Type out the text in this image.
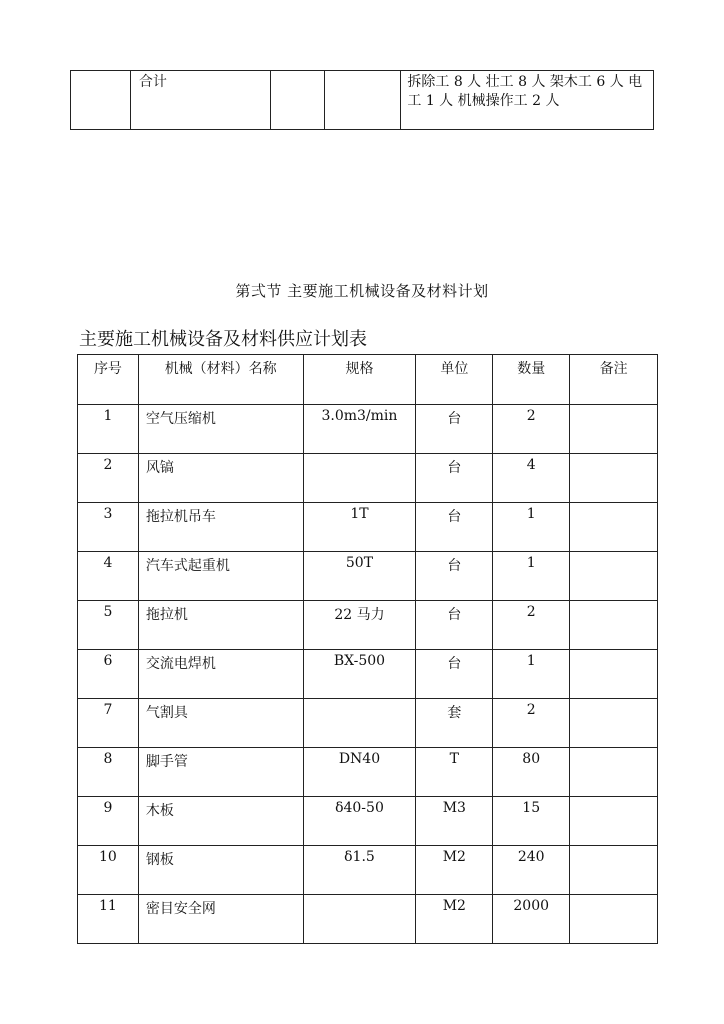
	合计			拆除工 8 人 壮工 8 人 架木工 6 人 电工 1 人 机械操作工 2 人
第弍节 主要施工机械设备及材料计划
主要施工机械设备及材料供应计划表
序号	机械（材料）名称	规格	单位	数量	备注
1	空气压缩机	3.0m3/min	台	2	
2	风镐		台	4	
3	拖拉机吊车	1T	台	1	
4	汽车式起重机	50T	台	1	
5	拖拉机	22 马力	台	2	
6	交流电焊机	BX-500	台	1	
7	气割具		套	2	
8	脚手管	DN40	T	80	
9	木板	δ40-50	M3	15	
10	钢板	δ1.5	M2	240	
11	密目安全网		M2	2000	
